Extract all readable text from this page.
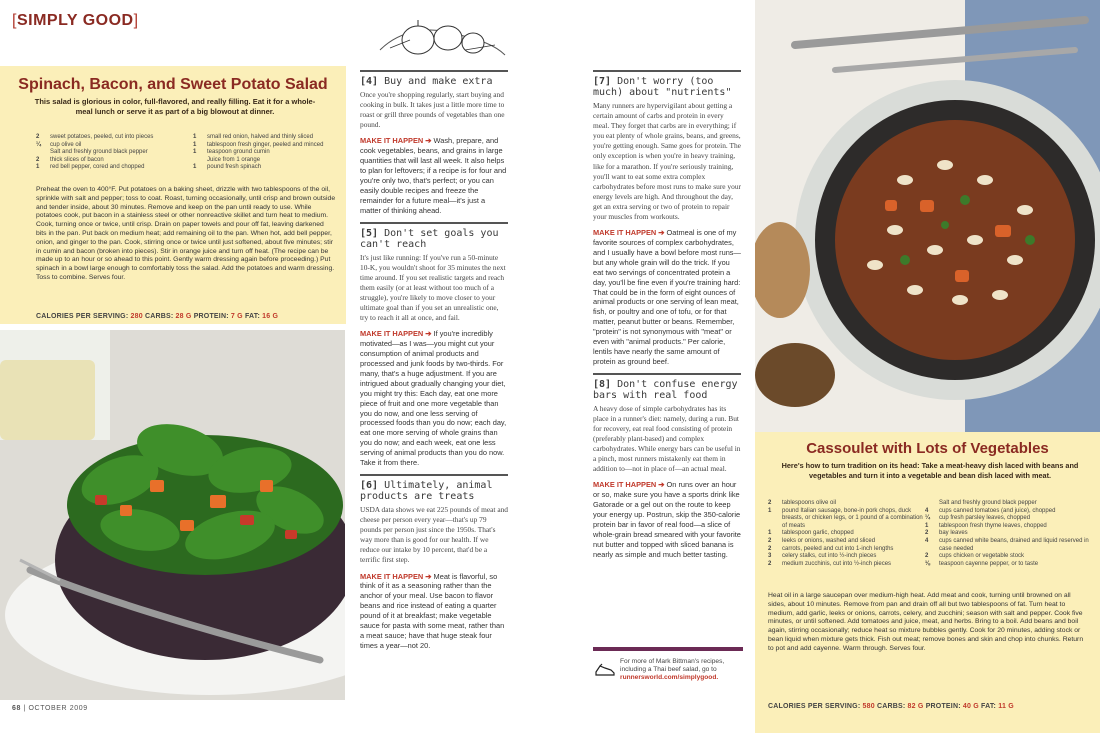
[SIMPLY GOOD]
Spinach, Bacon, and Sweet Potato Salad
This salad is glorious in color, full-flavored, and really filling. Eat it for a whole-meal lunch or serve it as part of a big blowout at dinner.
2	sweet potatoes, peeled, cut into pieces
¼	cup olive oil
Salt and freshly ground black pepper
2	thick slices of bacon
1	red bell pepper, cored and chopped
1	small red onion, halved and thinly sliced
1	tablespoon fresh ginger, peeled and minced
1	teaspoon ground cumin
Juice from 1 orange
1	pound fresh spinach

Preheat the oven to 400°F. Put potatoes on a baking sheet, drizzle with two tablespoons of the oil, sprinkle with salt and pepper; toss to coat. Roast, turning occasionally, until crisp and brown outside and tender inside, about 30 minutes. Remove and keep on the pan until ready to use. While potatoes cook, put bacon in a stainless steel or other nonreactive skillet and turn heat to medium. Cook, turning once or twice, until crisp. Drain on paper towels and pour off fat, leaving darkened bits in the pan. Put back on medium heat; add remaining oil to the pan. When hot, add bell pepper, onion, and ginger to the pan. Cook, stirring once or twice until just softened, about five minutes; stir in cumin and bacon (broken into pieces). Stir in orange juice and turn off heat. (The recipe can be made up to an hour or so ahead to this point. Gently warm dressing again before proceeding.) Put spinach in a bowl large enough to comfortably toss the salad. Add the potatoes and warm dressing. Toss to combine. Serves four.

CALORIES PER SERVING: 280 CARBS: 28 G PROTEIN: 7 G FAT: 16 G
68 | OCTOBER 2009
[4] Buy and make extra

Once you're shopping regularly, start buying and cooking in bulk. It takes just a little more time to roast or grill three pounds of vegetables than one pound.

MAKE IT HAPPEN ➔ Wash, prepare, and cook vegetables, beans, and grains in large quantities that will last all week. It also helps to plan for leftovers; if a recipe is for four and you're only two, that's perfect; or you can easily double recipes and freeze the remainder for a future meal—it's just a matter of thinking ahead.
[5] Don't set goals you can't reach

It's just like running: If you've run a 50-minute 10-K, you wouldn't shoot for 35 minutes the next time around. If you set realistic targets and reach them easily (or at least without too much of a struggle), you're likely to move closer to your ultimate goal than if you set an unrealistic one, try to reach it all at once, and fail.

MAKE IT HAPPEN ➔ If you're incredibly motivated—as I was—you might cut your consumption of animal products and processed and junk foods by two-thirds. For many, that's a huge adjustment. If you are intrigued about gradually changing your diet, you might try this: Each day, eat one more piece of fruit and one more vegetable than you do now, and one less serving of processed foods than you do now; each day, eat one more serving of whole grains than you do now; and each week, eat one less serving of animal products than you do now. Take it from there.
[6] Ultimately, animal products are treats

USDA data shows we eat 225 pounds of meat and cheese per person every year—that's up 79 pounds per person just since the 1950s. That's way more than is good for our health. If we reduce our intake by 10 percent, that'd be a terrific first step.

MAKE IT HAPPEN ➔ Meat is flavorful, so think of it as a seasoning rather than the anchor of your meal. Use bacon to flavor beans and rice instead of eating a quarter pound of it at breakfast; make vegetable sauce for pasta with some meat, rather than a meat sauce; have that huge steak four times a year—not 20.
[7] Don't worry (too much) about "nutrients"

Many runners are hypervigilant about getting a certain amount of carbs and protein in every meal. They forget that carbs are in everything; if you eat plenty of whole grains, beans, and greens, you're getting enough. Same goes for protein. The only exception is when you're in heavy training, like for a marathon. If you're seriously training, you'll want to eat some extra complex carbohydrates before most runs to make sure your energy levels are high. And throughout the day, get an extra serving or two of protein to repair your muscles from workouts.

MAKE IT HAPPEN ➔ Oatmeal is one of my favorite sources of complex carbohydrates, and I usually have a bowl before most runs—but any whole grain will do the trick. If you eat two servings of concentrated protein a day, you'll be fine even if you're training hard: That could be in the form of eight ounces of animal products or one serving of lean meat, fish, or poultry and one of tofu, or for that matter, peanut butter or beans. Remember, "protein" is not synonymous with "meat" or even with "animal products." Per calorie, lentils have nearly the same amount of protein as ground beef.
[8] Don't confuse energy bars with real food

A heavy dose of simple carbohydrates has its place in a runner's diet: namely, during a run. But for recovery, eat real food consisting of protein (preferably plant-based) and complex carbohydrates. While energy bars can be useful in a pinch, most runners mistakenly eat them in addition to—not in place of—an actual meal.

MAKE IT HAPPEN ➔ On runs over an hour or so, make sure you have a sports drink like Gatorade or a gel out on the route to keep your energy up. Postrun, skip the 350-calorie protein bar in favor of real food—a slice of whole-grain bread smeared with your favorite nut butter and topped with sliced banana is nearly as simple and much better tasting.
For more of Mark Bittman's recipes, including a Thai beef salad, go to runnersworld.com/simplygood.
Cassoulet with Lots of Vegetables
Here's how to turn tradition on its head: Take a meat-heavy dish laced with beans and vegetables and turn it into a vegetable and bean dish laced with meat.
2	tablespoons olive oil
1	pound Italian sausage, bone-in pork chops, duck breasts, or chicken legs, or 1 pound of a combination of meats
1	tablespoon garlic, chopped
2	leeks or onions, washed and sliced
2	carrots, peeled and cut into 1-inch lengths
3	celery stalks, cut into ½-inch pieces
2	medium zucchinis, cut into ½-inch pieces
Salt and freshly ground black pepper
4	cups canned tomatoes (and juice), chopped
¼	cup fresh parsley leaves, chopped
1	tablespoon fresh thyme leaves, chopped
2	bay leaves
4	cups canned white beans, drained and liquid reserved in case needed
2	cups chicken or vegetable stock
⅛	teaspoon cayenne pepper, or to taste

Heat oil in a large saucepan over medium-high heat. Add meat and cook, turning until browned on all sides, about 10 minutes. Remove from pan and drain off all but two tablespoons of fat. Turn heat to medium, add garlic, leeks or onions, carrots, celery, and zucchini; season with salt and pepper. Cook five minutes, or until softened. Add tomatoes and juice, meat, and herbs. Bring to a boil. Add beans and boil again, stirring occasionally; reduce heat so mixture bubbles gently. Cook for 20 minutes, adding stock or bean liquid when mixture gets thick. Fish out meat; remove bones and skin and chop into chunks. Return to pot and add cayenne. Warm through. Serves four.

CALORIES PER SERVING: 580 CARBS: 82 G PROTEIN: 40 G FAT: 11 G
